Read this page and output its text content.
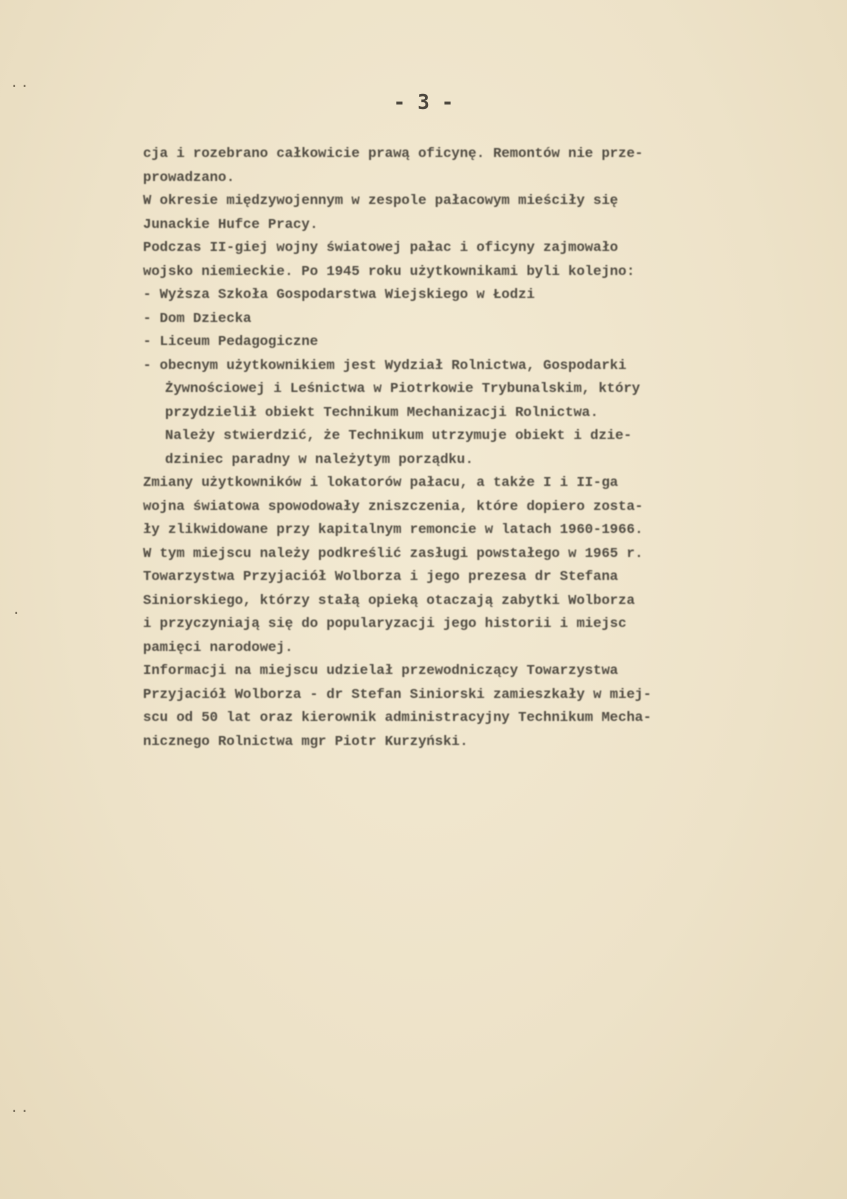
..
.
..
- 3 -
cja i rozebrano całkowicie prawą oficynę. Remontów nie prze-
prowadzano.
W okresie międzywojennym w zespole pałacowym mieściły się
Junackie Hufce Pracy.
Podczas II-giej wojny światowej pałac i oficyny zajmowało
wojsko niemieckie. Po 1945 roku użytkownikami byli kolejno:
- Wyższa Szkoła Gospodarstwa Wiejskiego w Łodzi
- Dom Dziecka
- Liceum Pedagogiczne
- obecnym użytkownikiem jest Wydział Rolnictwa, Gospodarki
Żywnościowej i Leśnictwa w Piotrkowie Trybunalskim, który
przydzielił obiekt Technikum Mechanizacji Rolnictwa.
Należy stwierdzić, że Technikum utrzymuje obiekt i dzie-
dziniec paradny w należytym porządku.
Zmiany użytkowników i lokatorów pałacu, a także I i II-ga
wojna światowa spowodowały zniszczenia, które dopiero zosta-
ły zlikwidowane przy kapitalnym remoncie w latach 1960-1966.
W tym miejscu należy podkreślić zasługi powstałego w 1965 r.
Towarzystwa Przyjaciół Wolborza i jego prezesa dr Stefana
Siniorskiego, którzy stałą opieką otaczają zabytki Wolborza
i przyczyniają się do popularyzacji jego historii i miejsc
pamięci narodowej.
Informacji na miejscu udzielał przewodniczący Towarzystwa
Przyjaciół Wolborza - dr Stefan Siniorski zamieszkały w miej-
scu od 50 lat oraz kierownik administracyjny Technikum Mecha-
nicznego Rolnictwa mgr Piotr Kurzyński.
